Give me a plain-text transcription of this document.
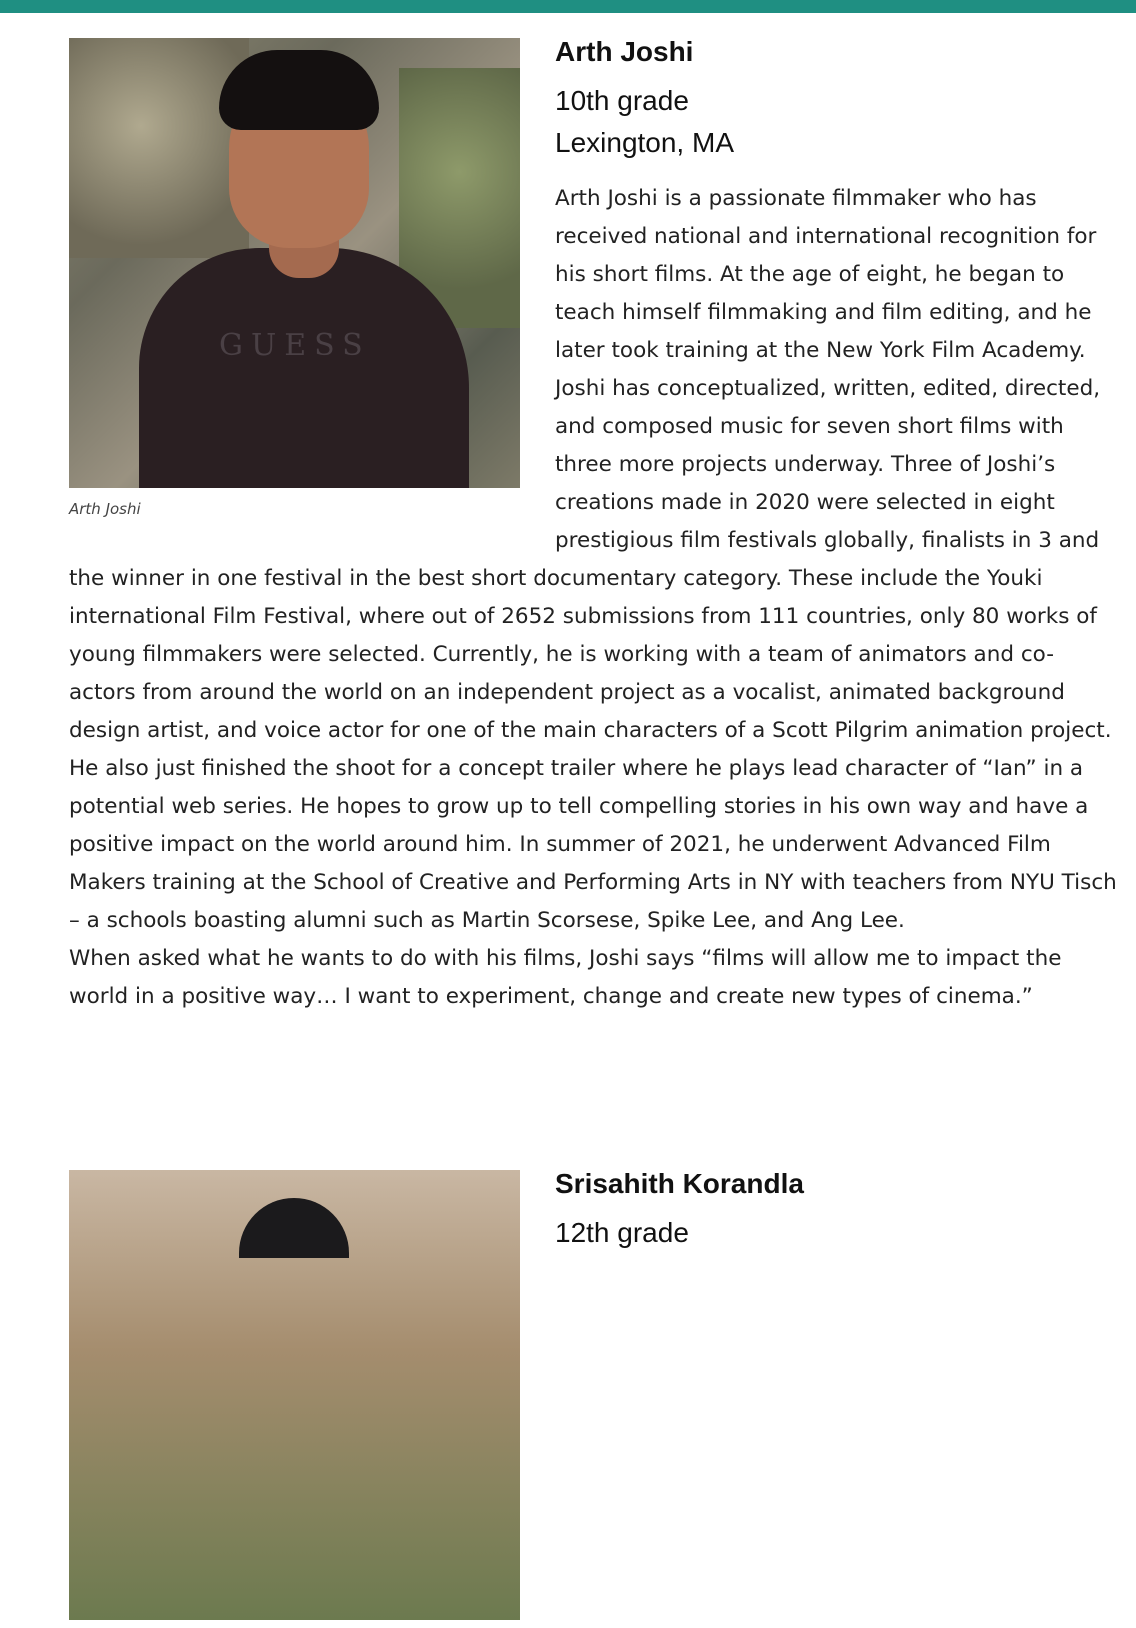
GUESS
Arth Joshi
Arth Joshi
10th grade
Lexington, MA
Arth Joshi is a passionate filmmaker who has received national and international recognition for his short films. At the age of eight, he began to teach himself filmmaking and film editing, and he later took training at the New York Film Academy. Joshi has conceptualized, written, edited, directed, and composed music for seven short films with three more projects underway. Three of Joshi’s creations made in 2020 were selected in eight prestigious film festivals globally, finalists in 3 and the winner in one festival in the best short documentary category. These include the Youki international Film Festival, where out of 2652 submissions from 111 countries, only 80 works of young filmmakers were selected. Currently, he is working with a team of animators and co-actors from around the world on an independent project as a vocalist, animated background design artist, and voice actor for one of the main characters of a Scott Pilgrim animation project. He also just finished the shoot for a concept trailer where he plays lead character of “Ian” in a potential web series. He hopes to grow up to tell compelling stories in his own way and have a positive impact on the world around him. In summer of 2021, he underwent Advanced Film Makers training at the School of Creative and Performing Arts in NY with teachers from NYU Tisch – a schools boasting alumni such as Martin Scorsese, Spike Lee, and Ang Lee.
When asked what he wants to do with his films, Joshi says “films will allow me to impact the world in a positive way… I want to experiment, change and create new types of cinema.”
Srisahith Korandla
12th grade
